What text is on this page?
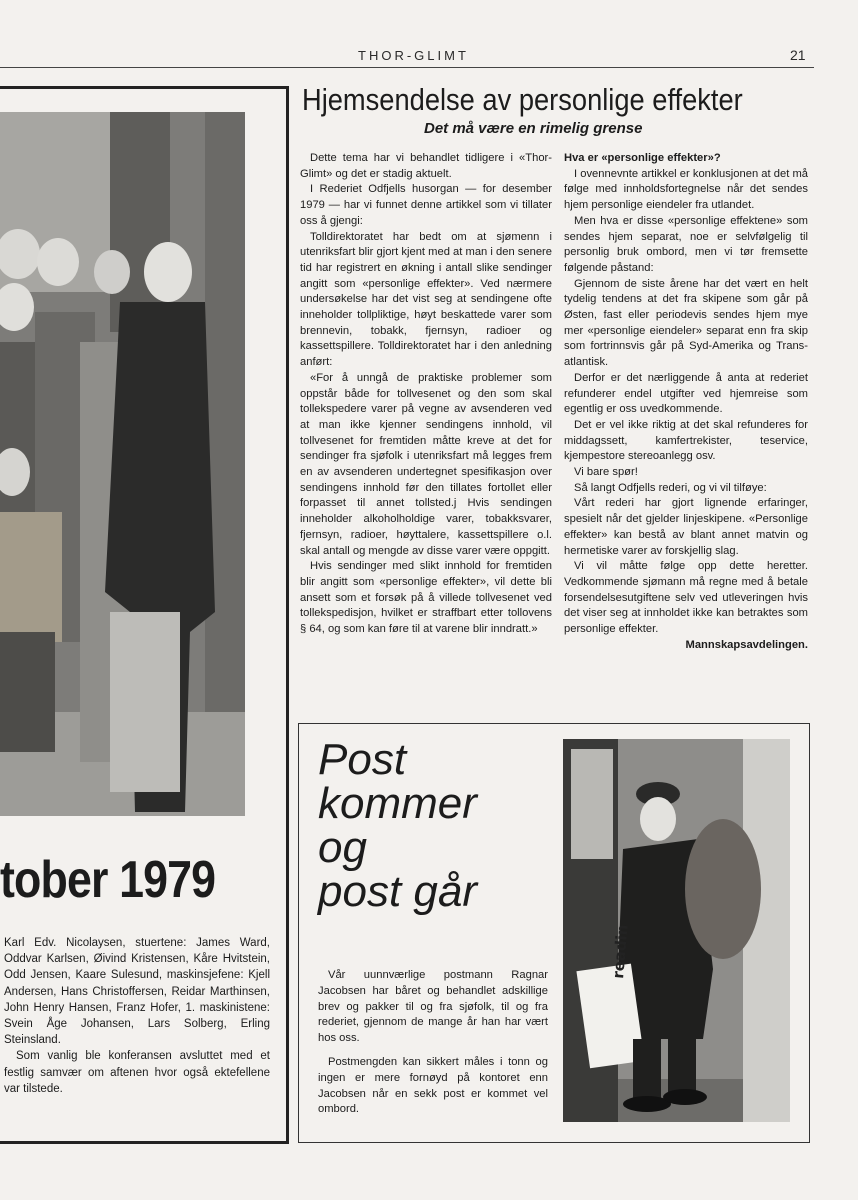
THOR-GLIMT	21
tober 1979

Karl Edv. Nicolaysen, stuertene: James Ward, Oddvar Karlsen, Øivind Kristensen, Kåre Hvitstein, Odd Jensen, Kaare Sulesund, maskinsjefene: Kjell Andersen, Hans Christoffersen, Reidar Marthinsen, John Henry Hansen, Franz Hofer, 1. maskinistene: Svein Åge Johansen, Lars Solberg, Erling Steinsland.

Som vanlig ble konferansen avsluttet med et festlig samvær om aftenen hvor også ektefellene var tilstede.

Hjemsendelse av personlige effekter
Det må være en rimelig grense

Dette tema har vi behandlet tidligere i «Thor-Glimt» og det er stadig aktuelt.

I Rederiet Odfjells husorgan — for desember 1979 — har vi funnet denne artikkel som vi tillater oss å gjengi:

Tolldirektoratet har bedt om at sjømenn i utenriksfart blir gjort kjent med at man i den senere tid har registrert en økning i antall slike sendinger angitt som «personlige effekter». Ved nærmere undersøkelse har det vist seg at sendingene ofte inneholder tollpliktige, høyt beskattede varer som brennevin, tobakk, fjernsyn, radioer og kassettspillere. Tolldirektoratet har i den anledning anført:

«For å unngå de praktiske problemer som oppstår både for tollvesenet og den som skal tollekspedere varer på vegne av avsenderen ved at man ikke kjenner sendingens innhold, vil tollvesenet for fremtiden måtte kreve at det for sendinger fra sjøfolk i utenriksfart må legges frem en av avsenderen undertegnet spesifikasjon over sendingens innhold før den tillates fortollet eller forpasset til annet tollsted.j Hvis sendingen inneholder alkoholholdige varer, tobakksvarer, fjernsyn, radioer, høyttalere, kassettspillere o.l. skal antall og mengde av disse varer være oppgitt.

Hvis sendinger med slikt innhold for fremtiden blir angitt som «personlige effekter», vil dette bli ansett som et forsøk på å villede tollvesenet ved tollekspedisjon, hvilket er straffbart etter tollovens § 64, og som kan føre til at varene blir inndratt.»

Hva er «personlige effekter»?

I ovennevnte artikkel er konklusjonen at det må følge med innholdsfortegnelse når det sendes hjem personlige eiendeler fra utlandet.

Men hva er disse «personlige effektene» som sendes hjem separat, noe er selvfølgelig til personlig bruk ombord, men vi tør fremsette følgende påstand:

Gjennom de siste årene har det vært en helt tydelig tendens at det fra skipene som går på Østen, fast eller periodevis sendes hjem mye mer «personlige eiendeler» separat enn fra skip som fortrinnsvis går på Syd-Amerika og Trans-atlantisk.

Derfor er det nærliggende å anta at rederiet refunderer endel utgifter ved hjemreise som egentlig er oss uvedkommende.

Det er vel ikke riktig at det skal refunderes for middagssett, kamfertrekister, teservice, kjempestore stereoanlegg osv.

Vi bare spør!

Så langt Odfjells rederi, og vi vil tilføye:

Vårt rederi har gjort lignende erfaringer, spesielt når det gjelder linjeskipene. «Personlige effekter» kan bestå av blant annet matvin og hermetiske varer av forskjellig slag.

Vi vil måtte følge opp dette heretter. Vedkommende sjømann må regne med å betale forsendelsesutgiftene selv ved utleveringen hvis det viser seg at innholdet ikke kan betraktes som personlige effekter.

Mannskapsavdelingen.

Post
kommer
og
post går
readin

Vår uunnværlige postmann Ragnar Jacobsen har båret og behandlet adskillige brev og pakker til og fra sjøfolk, til og fra rederiet, gjennom de mange år han har vært hos oss.

Postmengden kan sikkert måles i tonn og ingen er mere fornøyd på kontoret enn Jacobsen når en sekk post er kommet vel ombord.
